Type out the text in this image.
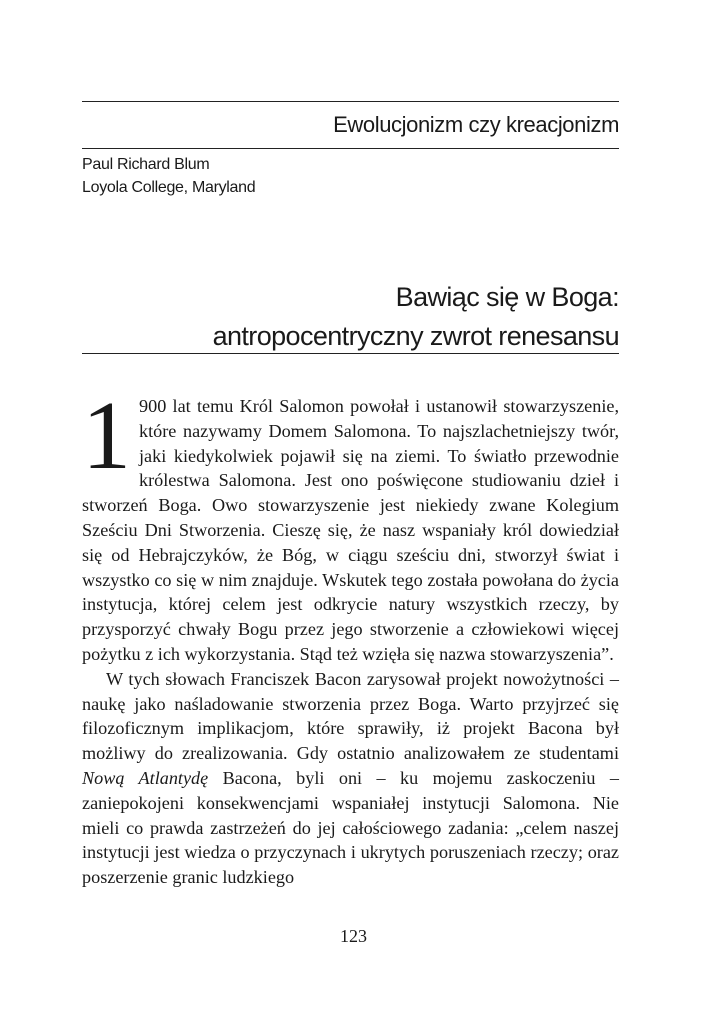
Ewolucjonizm czy kreacjonizm
Paul Richard Blum
Loyola College, Maryland
Bawiąc się w Boga:
antropocentryczny zwrot renesansu

1 900 lat temu Król Salomon powołał i ustanowił stowarzyszenie, które nazywamy Domem Salomona. To najszlachetniejszy twór, jaki kiedykolwiek pojawił się na ziemi. To światło przewodnie królestwa Salomona. Jest ono poświęcone studiowaniu dzieł i stworzeń Boga. Owo stowarzyszenie jest niekiedy zwane Kolegium Sześciu Dni Stworzenia. Cieszę się, że nasz wspaniały król dowiedział się od Hebrajczyków, że Bóg, w ciągu sześciu dni, stworzył świat i wszystko co się w nim znajduje. Wskutek tego została powołana do życia instytucja, której celem jest odkrycie natury wszystkich rzeczy, by przysporzyć chwały Bogu przez jego stworzenie a człowiekowi więcej pożytku z ich wykorzystania. Stąd też wzięła się nazwa stowarzyszenia”.

W tych słowach Franciszek Bacon zarysował projekt nowożytności – naukę jako naśladowanie stworzenia przez Boga. Warto przyjrzeć się filozoficznym implikacjom, które sprawiły, iż projekt Bacona był możliwy do zrealizowania. Gdy ostatnio analizowałem ze studentami Nową Atlantydę Bacona, byli oni – ku mojemu zaskoczeniu – zaniepokojeni konsekwencjami wspaniałej instytucji Salomona. Nie mieli co prawda zastrzeżeń do jej całościowego zadania: „celem naszej instytucji jest wiedza o przyczynach i ukrytych poruszeniach rzeczy; oraz poszerzenie granic ludzkiego

123
